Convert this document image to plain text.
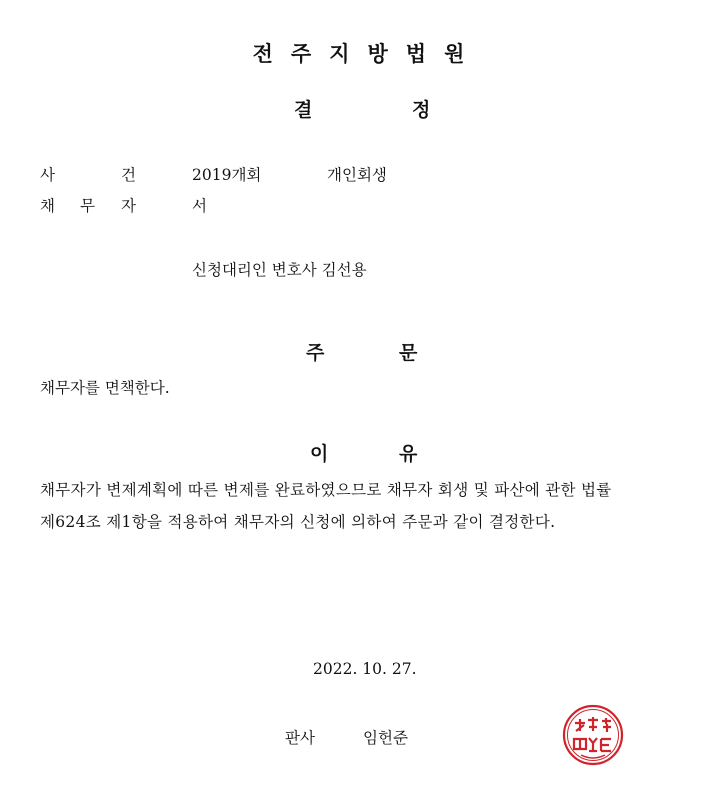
전주지방법원
결	정
사	건	2019개회	개인회생
채 무 자	서
신청대리인 변호사 김선용
주	문
채무자를 면책한다.
이	유
채무자가 변제계획에 따른 변제를 완료하였으므로 채무자 회생 및 파산에 관한 법률
제624조 제1항을 적용하여 채무자의 신청에 의하여 주문과 같이 결정한다.
2022. 10. 27.
판사	임헌준
